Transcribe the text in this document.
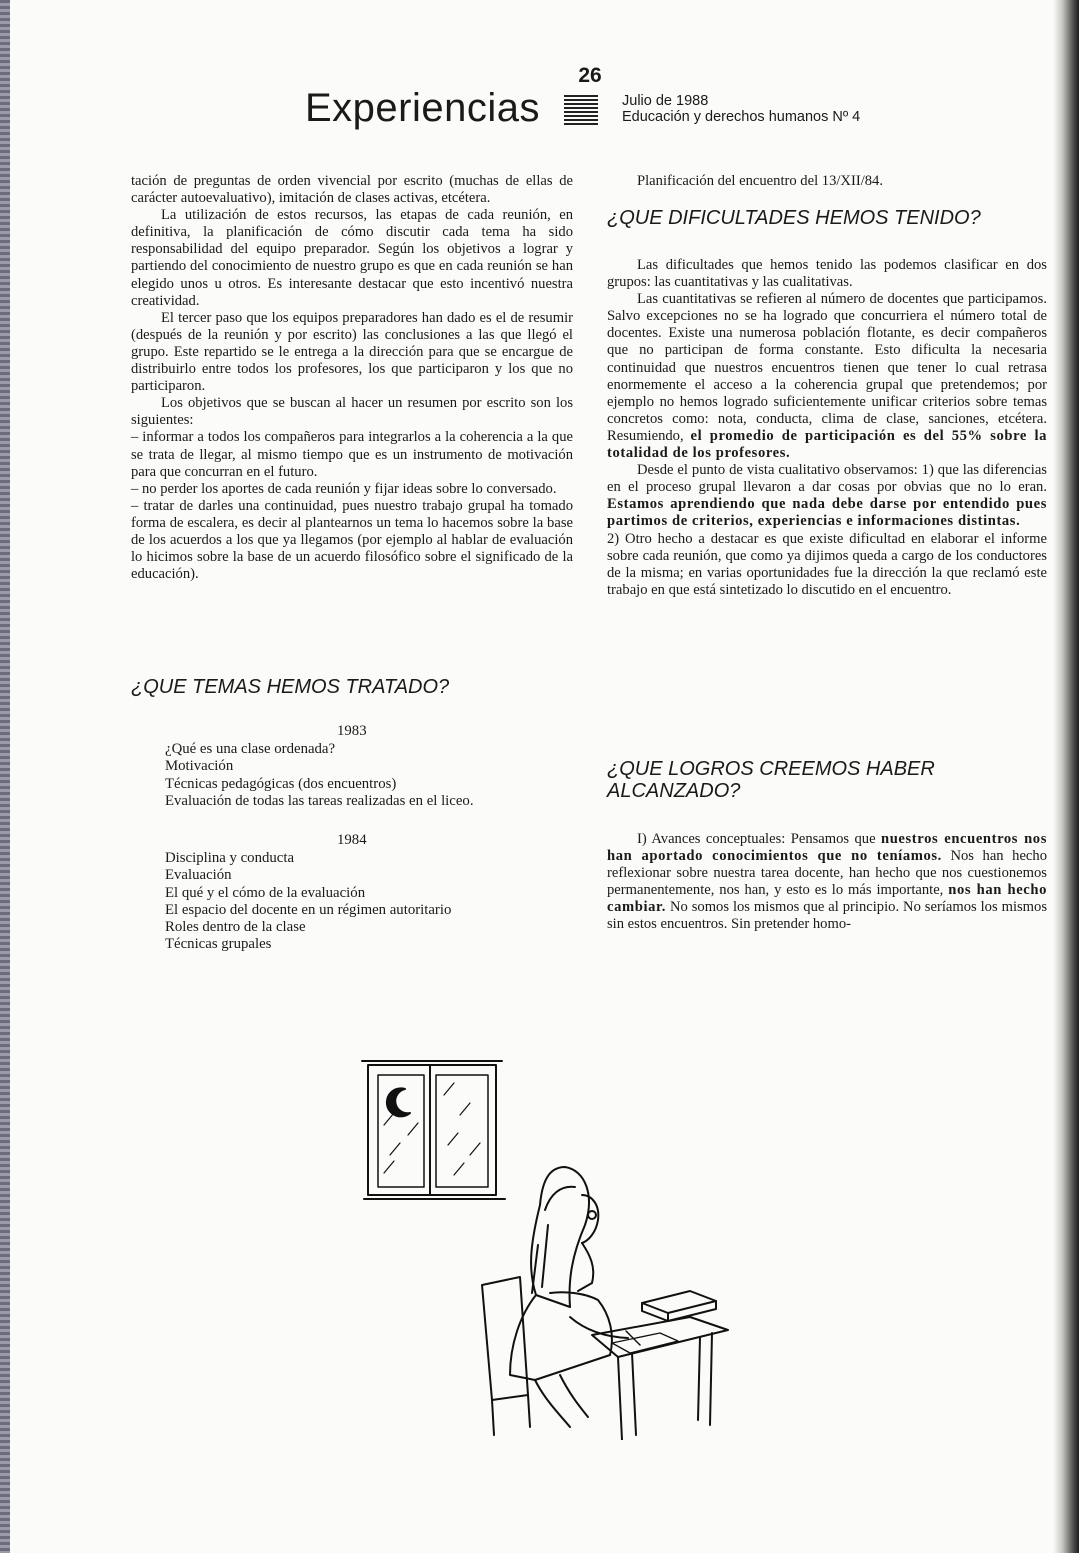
26
Experiencias	Julio de 1988
Educación y derechos humanos Nº 4

tación de preguntas de orden vivencial por escrito (muchas de ellas de carácter autoevaluativo), imitación de clases activas, etcétera.

La utilización de estos recursos, las etapas de cada reunión, en definitiva, la planificación de cómo discutir cada tema ha sido responsabilidad del equipo preparador. Según los objetivos a lograr y partiendo del conocimiento de nuestro grupo es que en cada reunión se han elegido unos u otros. Es interesante destacar que esto incentivó nuestra creatividad.

El tercer paso que los equipos preparadores han dado es el de resumir (después de la reunión y por escrito) las conclusiones a las que llegó el grupo. Este repartido se le entrega a la dirección para que se encargue de distribuirlo entre todos los profesores, los que participaron y los que no participaron.

Los objetivos que se buscan al hacer un resumen por escrito son los siguientes:

– informar a todos los compañeros para integrarlos a la coherencia a la que se trata de llegar, al mismo tiempo que es un instrumento de motivación para que concurran en el futuro.

– no perder los aportes de cada reunión y fijar ideas sobre lo conversado.

– tratar de darles una continuidad, pues nuestro trabajo grupal ha tomado forma de escalera, es decir al plantearnos un tema lo hacemos sobre la base de los acuerdos a los que ya llegamos (por ejemplo al hablar de evaluación lo hicimos sobre la base de un acuerdo filosófico sobre el significado de la educación).

¿QUE TEMAS HEMOS TRATADO?
1983
¿Qué es una clase ordenada?
Motivación
Técnicas pedagógicas (dos encuentros)
Evaluación de todas las tareas realizadas en el liceo.
1984
Disciplina y conducta
Evaluación
El qué y el cómo de la evaluación
El espacio del docente en un régimen autoritario
Roles dentro de la clase
Técnicas grupales
Planificación del encuentro del 13/XII/84.
¿QUE DIFICULTADES HEMOS TENIDO?

Las dificultades que hemos tenido las podemos clasificar en dos grupos: las cuantitativas y las cualitativas.

Las cuantitativas se refieren al número de docentes que participamos. Salvo excepciones no se ha logrado que concurriera el número total de docentes. Existe una numerosa población flotante, es decir compañeros que no participan de forma constante. Esto dificulta la necesaria continuidad que nuestros encuentros tienen que tener lo cual retrasa enormemente el acceso a la coherencia grupal que pretendemos; por ejemplo no hemos logrado suficientemente unificar criterios sobre temas concretos como: nota, conducta, clima de clase, sanciones, etcétera. Resumiendo, el promedio de participación es del 55% sobre la totalidad de los profesores.

Desde el punto de vista cualitativo observamos: 1) que las diferencias en el proceso grupal llevaron a dar cosas por obvias que no lo eran. Estamos aprendiendo que nada debe darse por entendido pues partimos de criterios, experiencias e informaciones distintas.

2) Otro hecho a destacar es que existe dificultad en elaborar el informe sobre cada reunión, que como ya dijimos queda a cargo de los conductores de la misma; en varias oportunidades fue la dirección la que reclamó este trabajo en que está sintetizado lo discutido en el encuentro.

¿QUE LOGROS CREEMOS HABER ALCANZADO?

I) Avances conceptuales: Pensamos que nuestros encuentros nos han aportado conocimientos que no teníamos. Nos han hecho reflexionar sobre nuestra tarea docente, han hecho que nos cuestionemos permanentemente, nos han, y esto es lo más importante, nos han hecho cambiar. No somos los mismos que al principio. No seríamos los mismos sin estos encuentros. Sin pretender homo-
